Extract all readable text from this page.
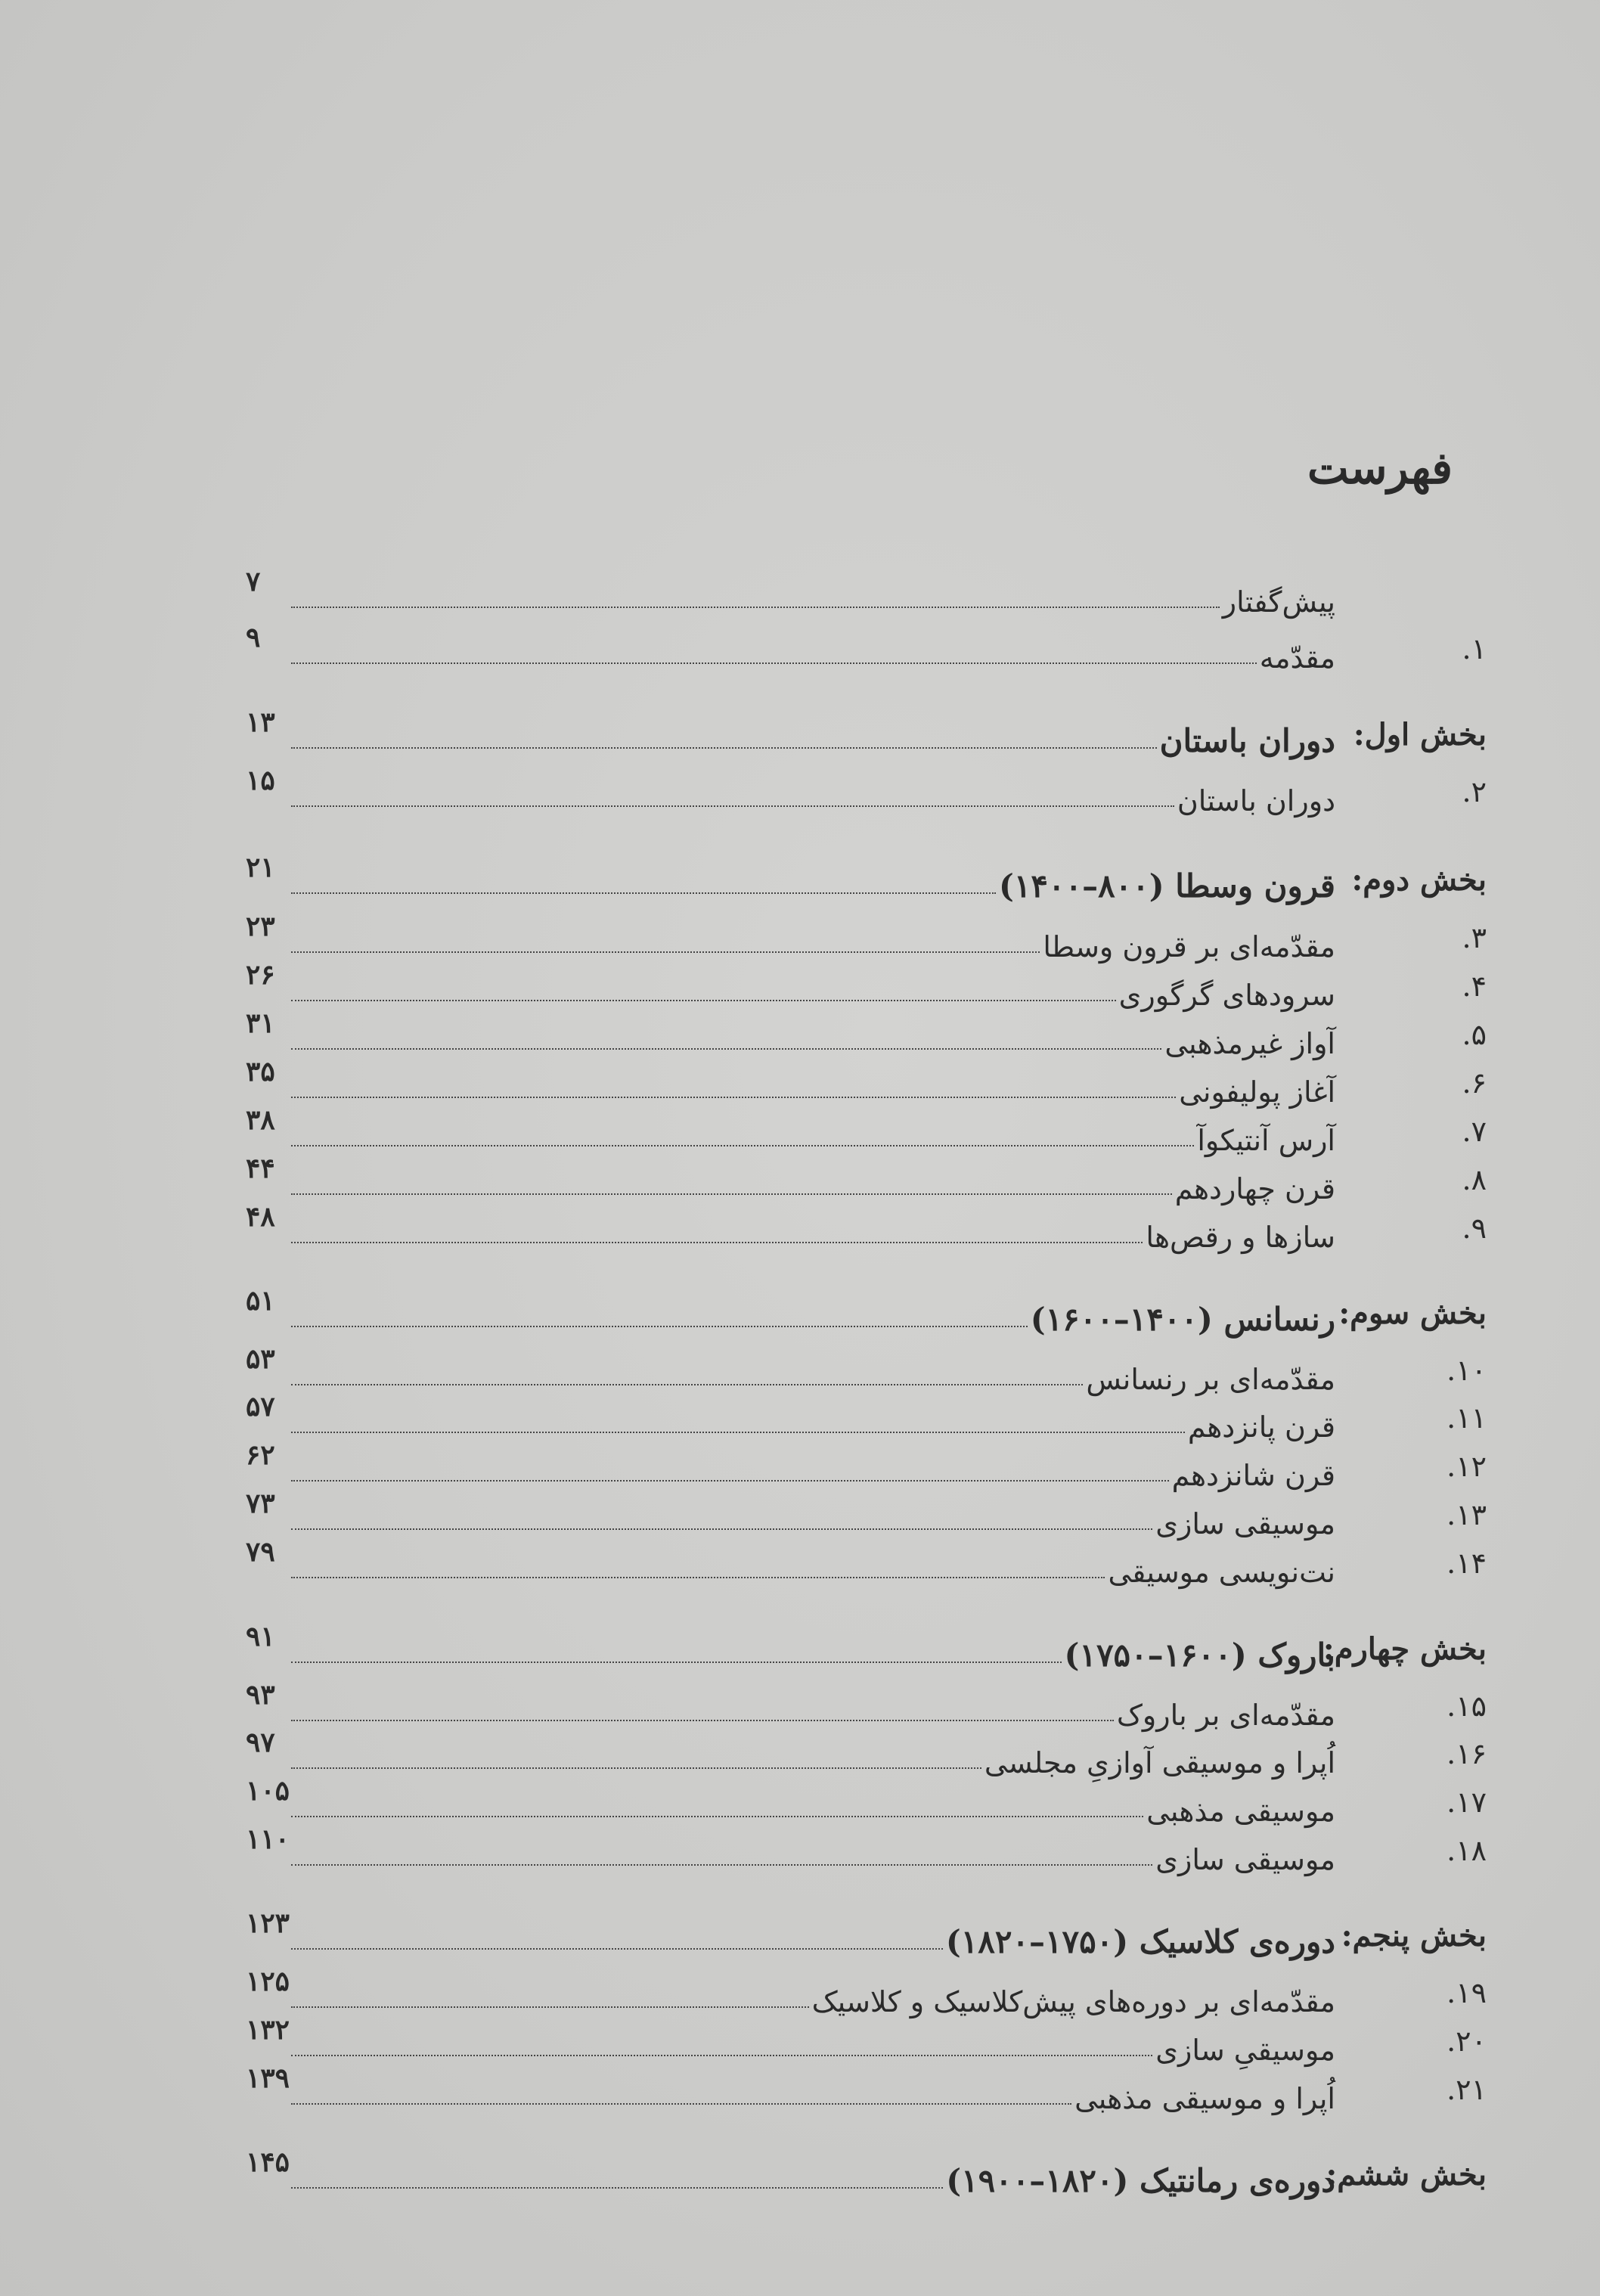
فهرست
پیش‌گفتار
۷
۱.
مقدّمه
۹
بخش اول:
دوران باستان
۱۳
۲.
دوران باستان
۱۵
بخش دوم:
قرون وسطا (۸۰۰–۱۴۰۰)
۲۱
۳.
مقدّمه‌ای بر قرون وسطا
۲۳
۴.
سرودهای گرگوری
۲۶
۵.
آواز غیرمذهبی
۳۱
۶.
آغاز پولیفونی
۳۵
۷.
آرس آنتیکوآ
۳۸
۸.
قرن چهاردهم
۴۴
۹.
سازها و رقص‌ها
۴۸
بخش سوم:
رنسانس (۱۴۰۰–۱۶۰۰)
۵۱
۱۰.
مقدّمه‌ای بر رنسانس
۵۳
۱۱.
قرن پانزدهم
۵۷
۱۲.
قرن شانزدهم
۶۲
۱۳.
موسیقی سازی
۷۳
۱۴.
نت‌نویسی موسیقی
۷۹
بخش چهارم:
باروک (۱۶۰۰–۱۷۵۰)
۹۱
۱۵.
مقدّمه‌ای بر باروک
۹۳
۱۶.
اُپرا و موسیقی آوازیِ مجلسی
۹۷
۱۷.
موسیقی مذهبی
۱۰۵
۱۸.
موسیقی سازی
۱۱۰
بخش پنجم:
دوره‌ی کلاسیک (۱۷۵۰–۱۸۲۰)
۱۲۳
۱۹.
مقدّمه‌ای بر دوره‌های پیش‌کلاسیک و کلاسیک
۱۲۵
۲۰.
موسیقیِ سازی
۱۳۲
۲۱.
اُپرا و موسیقی مذهبی
۱۳۹
بخش ششم:
دوره‌ی رمانتیک (۱۸۲۰–۱۹۰۰)
۱۴۵
